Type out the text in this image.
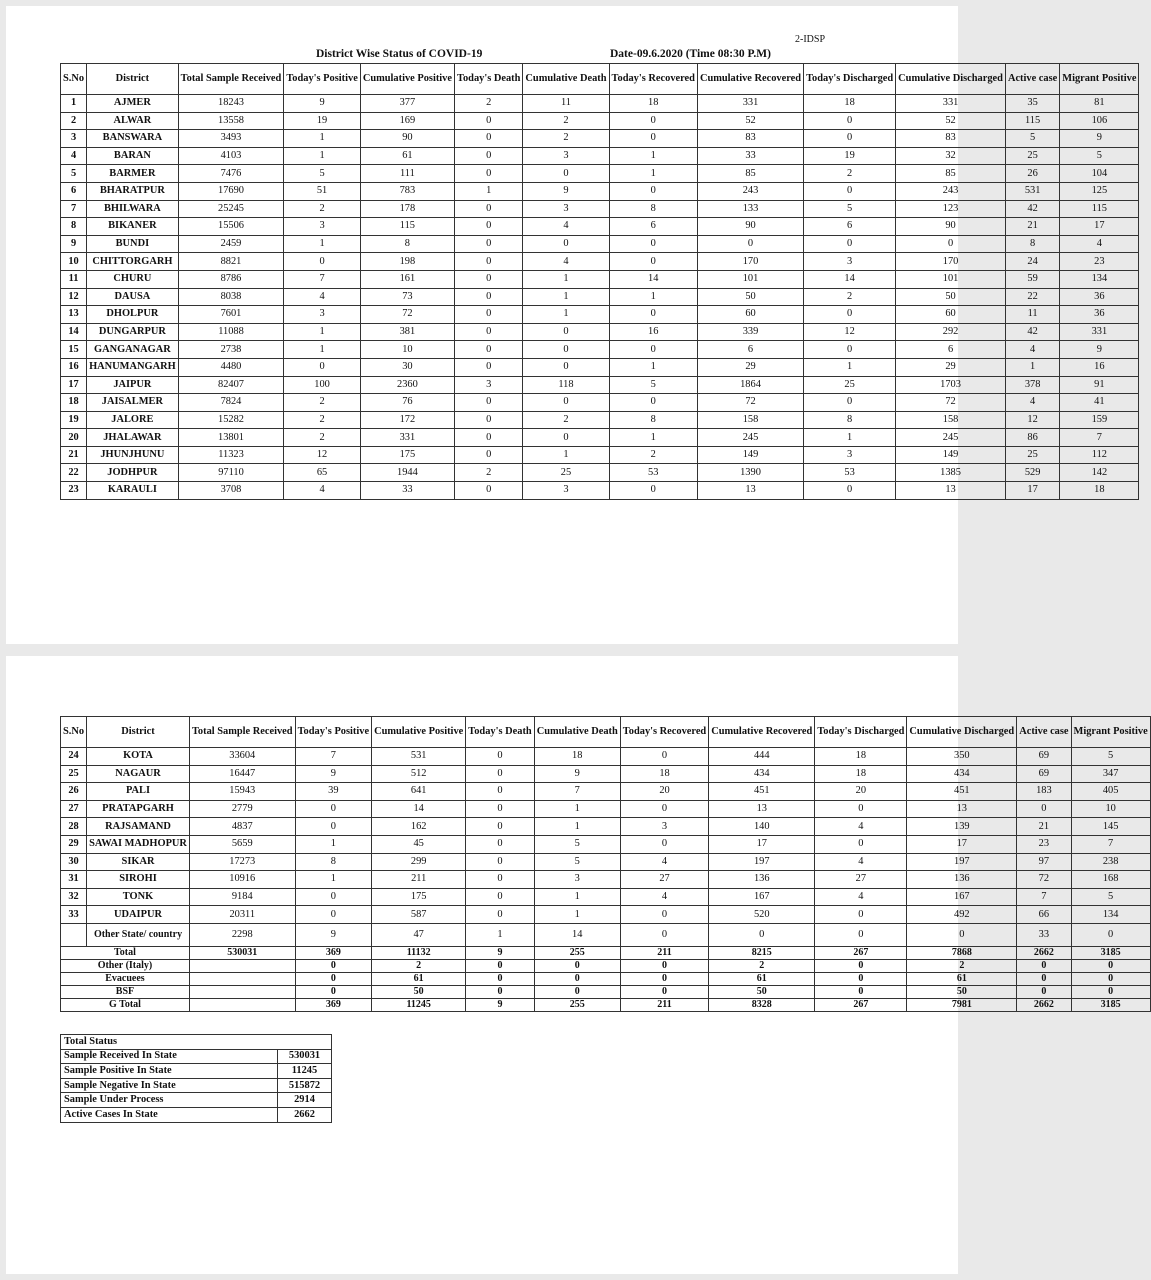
2-IDSP
District Wise Status of COVID-19	Date-09.6.2020 (Time 08:30 P.M)
S.No	District	Total Sample Received	Today's Positive	Cumulative Positive	Today's Death	Cumulative Death	Today's Recovered	Cumulative Recovered	Today's Discharged	Cumulative Discharged	Active case	Migrant Positive
1	AJMER	18243	9	377	2	11	18	331	18	331	35	81
2	ALWAR	13558	19	169	0	2	0	52	0	52	115	106
3	BANSWARA	3493	1	90	0	2	0	83	0	83	5	9
4	BARAN	4103	1	61	0	3	1	33	19	32	25	5
5	BARMER	7476	5	111	0	0	1	85	2	85	26	104
6	BHARATPUR	17690	51	783	1	9	0	243	0	243	531	125
7	BHILWARA	25245	2	178	0	3	8	133	5	123	42	115
8	BIKANER	15506	3	115	0	4	6	90	6	90	21	17
9	BUNDI	2459	1	8	0	0	0	0	0	0	8	4
10	CHITTORGARH	8821	0	198	0	4	0	170	3	170	24	23
11	CHURU	8786	7	161	0	1	14	101	14	101	59	134
12	DAUSA	8038	4	73	0	1	1	50	2	50	22	36
13	DHOLPUR	7601	3	72	0	1	0	60	0	60	11	36
14	DUNGARPUR	11088	1	381	0	0	16	339	12	292	42	331
15	GANGANAGAR	2738	1	10	0	0	0	6	0	6	4	9
16	HANUMANGARH	4480	0	30	0	0	1	29	1	29	1	16
17	JAIPUR	82407	100	2360	3	118	5	1864	25	1703	378	91
18	JAISALMER	7824	2	76	0	0	0	72	0	72	4	41
19	JALORE	15282	2	172	0	2	8	158	8	158	12	159
20	JHALAWAR	13801	2	331	0	0	1	245	1	245	86	7
21	JHUNJHUNU	11323	12	175	0	1	2	149	3	149	25	112
22	JODHPUR	97110	65	1944	2	25	53	1390	53	1385	529	142
23	KARAULI	3708	4	33	0	3	0	13	0	13	17	18
S.No	District	Total Sample Received	Today's Positive	Cumulative Positive	Today's Death	Cumulative Death	Today's Recovered	Cumulative Recovered	Today's Discharged	Cumulative Discharged	Active case	Migrant Positive
24	KOTA	33604	7	531	0	18	0	444	18	350	69	5
25	NAGAUR	16447	9	512	0	9	18	434	18	434	69	347
26	PALI	15943	39	641	0	7	20	451	20	451	183	405
27	PRATAPGARH	2779	0	14	0	1	0	13	0	13	0	10
28	RAJSAMAND	4837	0	162	0	1	3	140	4	139	21	145
29	SAWAI MADHOPUR	5659	1	45	0	5	0	17	0	17	23	7
30	SIKAR	17273	8	299	0	5	4	197	4	197	97	238
31	SIROHI	10916	1	211	0	3	27	136	27	136	72	168
32	TONK	9184	0	175	0	1	4	167	4	167	7	5
33	UDAIPUR	20311	0	587	0	1	0	520	0	492	66	134
	Other State/ country	2298	9	47	1	14	0	0	0	0	33	0
Total		530031	369	11132	9	255	211	8215	267	7868	2662	3185
Other (Italy)			0	2	0	0	0	2	0	2	0	0
Evacuees			0	61	0	0	0	61	0	61	0	0
BSF			0	50	0	0	0	50	0	50	0	0
G Total			369	11245	9	255	211	8328	267	7981	2662	3185
Total Status	
Sample Received In State	530031
Sample Positive In State	11245
Sample Negative In State	515872
Sample Under Process	2914
Active Cases In State	2662
